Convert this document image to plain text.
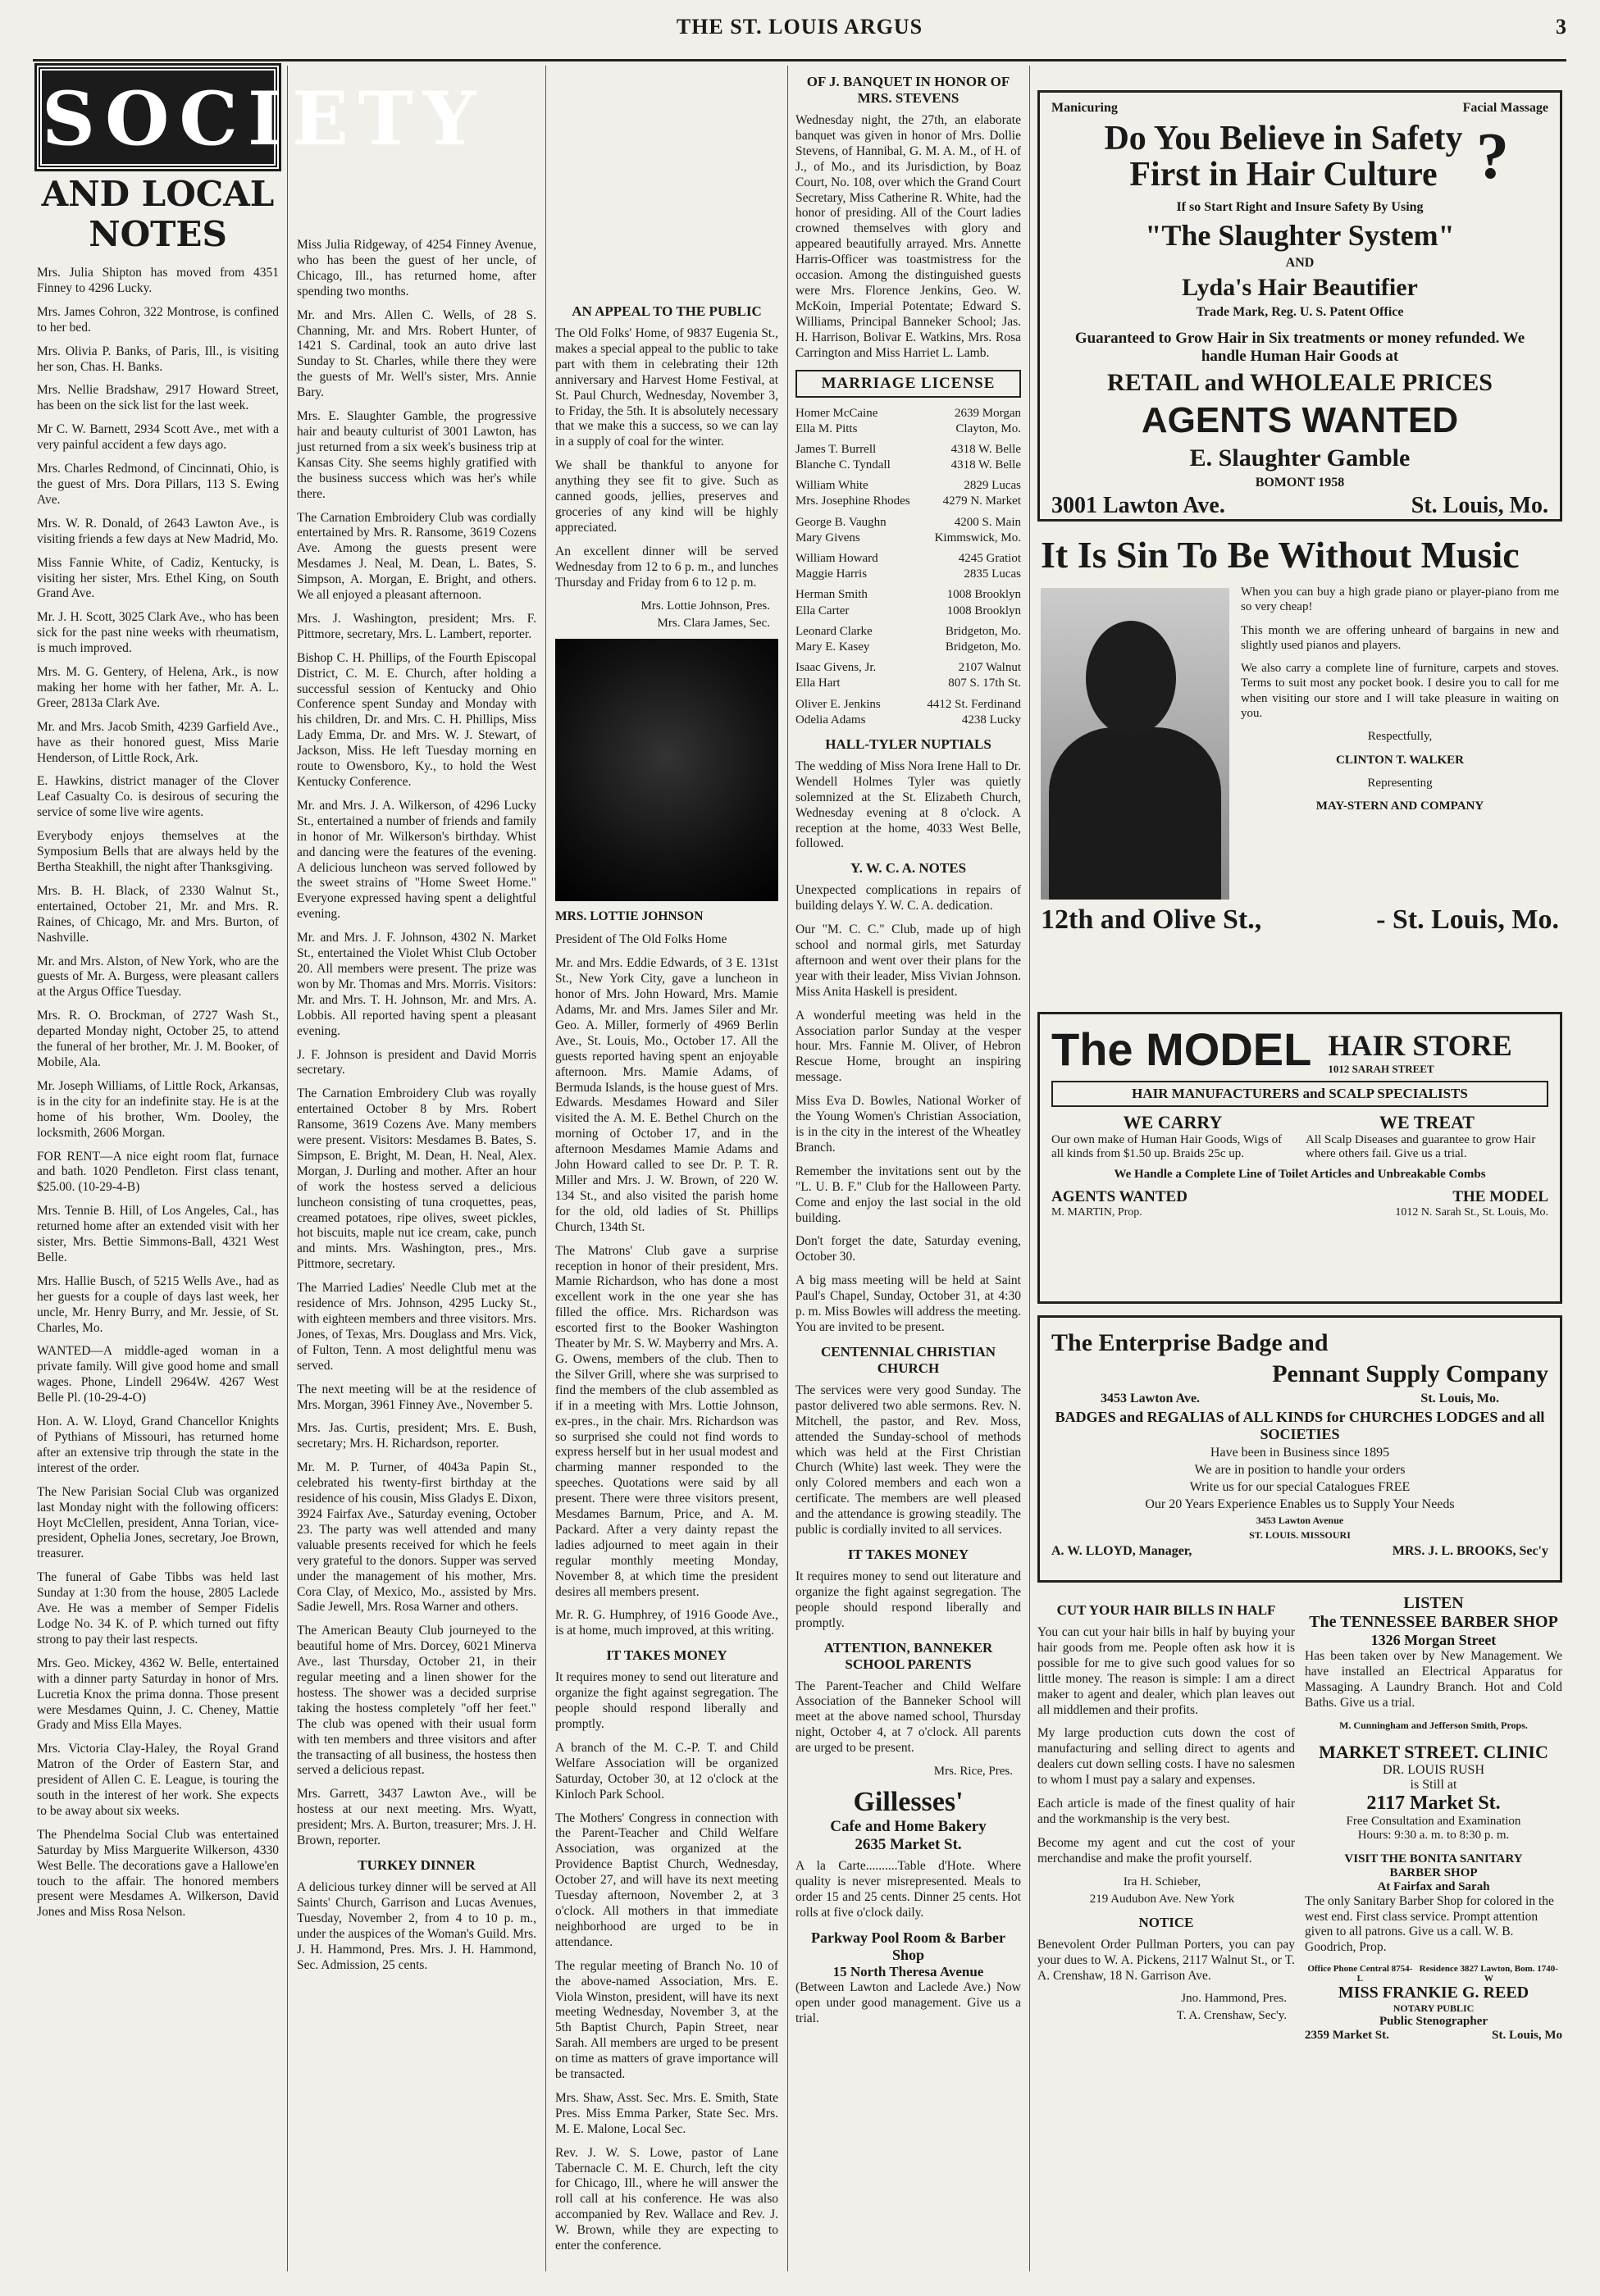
THE ST. LOUIS ARGUS	3
SOCIETY
AND LOCAL NOTES

Mrs. Julia Shipton has moved from 4351 Finney to 4296 Lucky.

Mrs. James Cohron, 322 Montrose, is confined to her bed.

Mrs. Olivia P. Banks, of Paris, Ill., is visiting her son, Chas. H. Banks.

Mrs. Nellie Bradshaw, 2917 Howard Street, has been on the sick list for the last week.

Mr C. W. Barnett, 2934 Scott Ave., met with a very painful accident a few days ago.

Mrs. Charles Redmond, of Cincinnati, Ohio, is the guest of Mrs. Dora Pillars, 113 S. Ewing Ave.

Mrs. W. R. Donald, of 2643 Lawton Ave., is visiting friends a few days at New Madrid, Mo.

Miss Fannie White, of Cadiz, Kentucky, is visiting her sister, Mrs. Ethel King, on South Grand Ave.

Mr. J. H. Scott, 3025 Clark Ave., who has been sick for the past nine weeks with rheumatism, is much improved.

Mrs. M. G. Gentery, of Helena, Ark., is now making her home with her father, Mr. A. L. Greer, 2813a Clark Ave.

Mr. and Mrs. Jacob Smith, 4239 Garfield Ave., have as their honored guest, Miss Marie Henderson, of Little Rock, Ark.

E. Hawkins, district manager of the Clover Leaf Casualty Co. is desirous of securing the service of some live wire agents.

Everybody enjoys themselves at the Symposium Bells that are always held by the Bertha Steakhill, the night after Thanksgiving.

Mrs. B. H. Black, of 2330 Walnut St., entertained, October 21, Mr. and Mrs. R. Raines, of Chicago, Mr. and Mrs. Burton, of Nashville.

Mr. and Mrs. Alston, of New York, who are the guests of Mr. A. Burgess, were pleasant callers at the Argus Office Tuesday.

Mrs. R. O. Brockman, of 2727 Wash St., departed Monday night, October 25, to attend the funeral of her brother, Mr. J. M. Booker, of Mobile, Ala.

Mr. Joseph Williams, of Little Rock, Arkansas, is in the city for an indefinite stay. He is at the home of his brother, Wm. Dooley, the locksmith, 2606 Morgan.

FOR RENT—A nice eight room flat, furnace and bath. 1020 Pendleton. First class tenant, $25.00. (10-29-4-B)

Mrs. Tennie B. Hill, of Los Angeles, Cal., has returned home after an extended visit with her sister, Mrs. Bettie Simmons-Ball, 4321 West Belle.

Mrs. Hallie Busch, of 5215 Wells Ave., had as her guests for a couple of days last week, her uncle, Mr. Henry Burry, and Mr. Jessie, of St. Charles, Mo.

WANTED—A middle-aged woman in a private family. Will give good home and small wages. Phone, Lindell 2964W. 4267 West Belle Pl. (10-29-4-O)

Hon. A. W. Lloyd, Grand Chancellor Knights of Pythians of Missouri, has returned home after an extensive trip through the state in the interest of the order.

The New Parisian Social Club was organized last Monday night with the following officers: Hoyt McClellen, president, Anna Torian, vice-president, Ophelia Jones, secretary, Joe Brown, treasurer.

The funeral of Gabe Tibbs was held last Sunday at 1:30 from the house, 2805 Laclede Ave. He was a member of Semper Fidelis Lodge No. 34 K. of P. which turned out fifty strong to pay their last respects.

Mrs. Geo. Mickey, 4362 W. Belle, entertained with a dinner party Saturday in honor of Mrs. Lucretia Knox the prima donna. Those present were Mesdames Quinn, J. C. Cheney, Mattie Grady and Miss Ella Mayes.

Mrs. Victoria Clay-Haley, the Royal Grand Matron of the Order of Eastern Star, and president of Allen C. E. League, is touring the south in the interest of her work. She expects to be away about six weeks.

The Phendelma Social Club was entertained Saturday by Miss Marguerite Wilkerson, 4330 West Belle. The decorations gave a Hallowe'en touch to the affair. The honored members present were Mesdames A. Wilkerson, David Jones and Miss Rosa Nelson.

Miss Julia Ridgeway, of 4254 Finney Avenue, who has been the guest of her uncle, of Chicago, Ill., has returned home, after spending two months.

Mr. and Mrs. Allen C. Wells, of 28 S. Channing, Mr. and Mrs. Robert Hunter, of 1421 S. Cardinal, took an auto drive last Sunday to St. Charles, while there they were the guests of Mr. Well's sister, Mrs. Annie Bary.

Mrs. E. Slaughter Gamble, the progressive hair and beauty culturist of 3001 Lawton, has just returned from a six week's business trip at Kansas City. She seems highly gratified with the business success which was her's while there.

The Carnation Embroidery Club was cordially entertained by Mrs. R. Ransome, 3619 Cozens Ave. Among the guests present were Mesdames J. Neal, M. Dean, L. Bates, S. Simpson, A. Morgan, E. Bright, and others. We all enjoyed a pleasant afternoon.

Mrs. J. Washington, president; Mrs. F. Pittmore, secretary, Mrs. L. Lambert, reporter.

Bishop C. H. Phillips, of the Fourth Episcopal District, C. M. E. Church, after holding a successful session of Kentucky and Ohio Conference spent Sunday and Monday with his children, Dr. and Mrs. C. H. Phillips, Miss Lady Emma, Dr. and Mrs. W. J. Stewart, of Jackson, Miss. He left Tuesday morning en route to Owensboro, Ky., to hold the West Kentucky Conference.

Mr. and Mrs. J. A. Wilkerson, of 4296 Lucky St., entertained a number of friends and family in honor of Mr. Wilkerson's birthday. Whist and dancing were the features of the evening. A delicious luncheon was served followed by the sweet strains of "Home Sweet Home." Everyone expressed having spent a delightful evening.

Mr. and Mrs. J. F. Johnson, 4302 N. Market St., entertained the Violet Whist Club October 20. All members were present. The prize was won by Mr. Thomas and Mrs. Morris. Visitors: Mr. and Mrs. T. H. Johnson, Mr. and Mrs. A. Lobbis. All reported having spent a pleasant evening.

J. F. Johnson is president and David Morris secretary.

The Carnation Embroidery Club was royally entertained October 8 by Mrs. Robert Ransome, 3619 Cozens Ave. Many members were present. Visitors: Mesdames B. Bates, S. Simpson, E. Bright, M. Dean, H. Neal, Alex. Morgan, J. Durling and mother. After an hour of work the hostess served a delicious luncheon consisting of tuna croquettes, peas, creamed potatoes, ripe olives, sweet pickles, hot biscuits, maple nut ice cream, cake, punch and mints. Mrs. Washington, pres., Mrs. Pittmore, secretary.

The Married Ladies' Needle Club met at the residence of Mrs. Johnson, 4295 Lucky St., with eighteen members and three visitors. Mrs. Jones, of Texas, Mrs. Douglass and Mrs. Vick, of Fulton, Tenn. A most delightful menu was served.

The next meeting will be at the residence of Mrs. Morgan, 3961 Finney Ave., November 5.

Mrs. Jas. Curtis, president; Mrs. E. Bush, secretary; Mrs. H. Richardson, reporter.

Mr. M. P. Turner, of 4043a Papin St., celebrated his twenty-first birthday at the residence of his cousin, Miss Gladys E. Dixon, 3924 Fairfax Ave., Saturday evening, October 23. The party was well attended and many valuable presents received for which he feels very grateful to the donors. Supper was served under the management of his mother, Mrs. Cora Clay, of Mexico, Mo., assisted by Mrs. Sadie Jewell, Mrs. Rosa Warner and others.

The American Beauty Club journeyed to the beautiful home of Mrs. Dorcey, 6021 Minerva Ave., last Thursday, October 21, in their regular meeting and a linen shower for the hostess. The shower was a decided surprise taking the hostess completely "off her feet." The club was opened with their usual form with ten members and three visitors and after the transacting of all business, the hostess then served a delicious repast.

Mrs. Garrett, 3437 Lawton Ave., will be hostess at our next meeting. Mrs. Wyatt, president; Mrs. A. Burton, treasurer; Mrs. J. H. Brown, reporter.

TURKEY DINNER

A delicious turkey dinner will be served at All Saints' Church, Garrison and Lucas Avenues, Tuesday, November 2, from 4 to 10 p. m., under the auspices of the Woman's Guild. Mrs. J. H. Hammond, Pres. Mrs. J. H. Hammond, Sec. Admission, 25 cents.

AN APPEAL TO THE PUBLIC

The Old Folks' Home, of 9837 Eugenia St., makes a special appeal to the public to take part with them in celebrating their 12th anniversary and Harvest Home Festival, at St. Paul Church, Wednesday, November 3, to Friday, the 5th. It is absolutely necessary that we make this a success, so we can lay in a supply of coal for the winter.

We shall be thankful to anyone for anything they see fit to give. Such as canned goods, jellies, preserves and groceries of any kind will be highly appreciated.

An excellent dinner will be served Wednesday from 12 to 6 p. m., and lunches Thursday and Friday from 6 to 12 p. m.

Mrs. Lottie Johnson, Pres.
Mrs. Clara James, Sec.

MRS. LOTTIE JOHNSON

President of The Old Folks Home

Mr. and Mrs. Eddie Edwards, of 3 E. 131st St., New York City, gave a luncheon in honor of Mrs. John Howard, Mrs. Mamie Adams, Mr. and Mrs. James Siler and Mr. Geo. A. Miller, formerly of 4969 Berlin Ave., St. Louis, Mo., October 17. All the guests reported having spent an enjoyable afternoon. Mrs. Mamie Adams, of Bermuda Islands, is the house guest of Mrs. Edwards. Mesdames Howard and Siler visited the A. M. E. Bethel Church on the morning of October 17, and in the afternoon Mesdames Mamie Adams and John Howard called to see Dr. P. T. R. Miller and Mrs. J. W. Brown, of 220 W. 134 St., and also visited the parish home for the old, old ladies of St. Phillips Church, 134th St.

The Matrons' Club gave a surprise reception in honor of their president, Mrs. Mamie Richardson, who has done a most excellent work in the one year she has filled the office. Mrs. Richardson was escorted first to the Booker Washington Theater by Mr. S. W. Mayberry and Mrs. A. G. Owens, members of the club. Then to the Silver Grill, where she was surprised to find the members of the club assembled as if in a meeting with Mrs. Lottie Johnson, ex-pres., in the chair. Mrs. Richardson was so surprised she could not find words to express herself but in her usual modest and charming manner responded to the speeches. Quotations were said by all present. There were three visitors present, Mesdames Barnum, Price, and A. M. Packard. After a very dainty repast the ladies adjourned to meet again in their regular monthly meeting Monday, November 8, at which time the president desires all members present.

Mr. R. G. Humphrey, of 1916 Goode Ave., is at home, much improved, at this writing.

IT TAKES MONEY

It requires money to send out literature and organize the fight against segregation. The people should respond liberally and promptly.

A branch of the M. C.-P. T. and Child Welfare Association will be organized Saturday, October 30, at 12 o'clock at the Kinloch Park School.

The Mothers' Congress in connection with the Parent-Teacher and Child Welfare Association, was organized at the Providence Baptist Church, Wednesday, October 27, and will have its next meeting Tuesday afternoon, November 2, at 3 o'clock. All mothers in that immediate neighborhood are urged to be in attendance.

The regular meeting of Branch No. 10 of the above-named Association, Mrs. E. Viola Winston, president, will have its next meeting Wednesday, November 3, at the 5th Baptist Church, Papin Street, near Sarah. All members are urged to be present on time as matters of grave importance will be transacted.

Mrs. Shaw, Asst. Sec. Mrs. E. Smith, State Pres. Miss Emma Parker, State Sec. Mrs. M. E. Malone, Local Sec.

Rev. J. W. S. Lowe, pastor of Lane Tabernacle C. M. E. Church, left the city for Chicago, Ill., where he will answer the roll call at his conference. He was also accompanied by Rev. Wallace and Rev. J. W. Brown, while they are expecting to enter the conference.

OF J. BANQUET IN HONOR OF MRS. STEVENS

Wednesday night, the 27th, an elaborate banquet was given in honor of Mrs. Dollie Stevens, of Hannibal, G. M. A. M., of H. of J., of Mo., and its Jurisdiction, by Boaz Court, No. 108, over which the Grand Court Secretary, Miss Catherine R. White, had the honor of presiding. All of the Court ladies crowned themselves with glory and appeared beautifully arrayed. Mrs. Annette Harris-Officer was toastmistress for the occasion. Among the distinguished guests were Mrs. Florence Jenkins, Geo. W. McKoin, Imperial Potentate; Edward S. Williams, Principal Banneker School; Jas. H. Harrison, Bolivar E. Watkins, Mrs. Rosa Carrington and Miss Harriet L. Lamb.

MARRIAGE LICENSE
Homer McCaine	2639 Morgan
Ella M. Pitts	Clayton, Mo.
James T. Burrell	4318 W. Belle
Blanche C. Tyndall	4318 W. Belle
William White	2829 Lucas
Mrs. Josephine Rhodes	4279 N. Market
George B. Vaughn	4200 S. Main
Mary Givens	Kimmswick, Mo.
William Howard	4245 Gratiot
Maggie Harris	2835 Lucas
Herman Smith	1008 Brooklyn
Ella Carter	1008 Brooklyn
Leonard Clarke	Bridgeton, Mo.
Mary E. Kasey	Bridgeton, Mo.
Isaac Givens, Jr.	2107 Walnut
Ella Hart	807 S. 17th St.
Oliver E. Jenkins	4412 St. Ferdinand
Odelia Adams	4238 Lucky
HALL-TYLER NUPTIALS

The wedding of Miss Nora Irene Hall to Dr. Wendell Holmes Tyler was quietly solemnized at the St. Elizabeth Church, Wednesday evening at 8 o'clock. A reception at the home, 4033 West Belle, followed.

Y. W. C. A. NOTES

Unexpected complications in repairs of building delays Y. W. C. A. dedication.

Our "M. C. C." Club, made up of high school and normal girls, met Saturday afternoon and went over their plans for the year with their leader, Miss Vivian Johnson. Miss Anita Haskell is president.

A wonderful meeting was held in the Association parlor Sunday at the vesper hour. Mrs. Fannie M. Oliver, of Hebron Rescue Home, brought an inspiring message.

Miss Eva D. Bowles, National Worker of the Young Women's Christian Association, is in the city in the interest of the Wheatley Branch.

Remember the invitations sent out by the "L. U. B. F." Club for the Halloween Party. Come and enjoy the last social in the old building.

Don't forget the date, Saturday evening, October 30.

A big mass meeting will be held at Saint Paul's Chapel, Sunday, October 31, at 4:30 p. m. Miss Bowles will address the meeting. You are invited to be present.

CENTENNIAL CHRISTIAN CHURCH

The services were very good Sunday. The pastor delivered two able sermons. Rev. N. Mitchell, the pastor, and Rev. Moss, attended the Sunday-school of methods which was held at the First Christian Church (White) last week. They were the only Colored members and each won a certificate. The members are well pleased and the attendance is growing steadily. The public is cordially invited to all services.

IT TAKES MONEY

It requires money to send out literature and organize the fight against segregation. The people should respond liberally and promptly.

ATTENTION, BANNEKER SCHOOL PARENTS

The Parent-Teacher and Child Welfare Association of the Banneker School will meet at the above named school, Thursday night, October 4, at 7 o'clock. All parents are urged to be present.

Mrs. Rice, Pres.
Gillesses'
Cafe and Home Bakery
2635 Market St.

A la Carte..........Table d'Hote. Where quality is never misrepresented. Meals to order 15 and 25 cents. Dinner 25 cents. Hot rolls at five o'clock daily.

Parkway Pool Room & Barber Shop
15 North Theresa Avenue

(Between Lawton and Laclede Ave.) Now open under good management. Give us a trial.

Manicuring	Facial Massage
Do You Believe in Safety First in Hair Culture ?
If so Start Right and Insure Safety By Using
"The Slaughter System"
AND
Lyda's Hair Beautifier
Trade Mark, Reg. U. S. Patent Office
Guaranteed to Grow Hair in Six treatments or money refunded. We handle Human Hair Goods at
RETAIL and WHOLEALE PRICES
AGENTS WANTED
E. Slaughter Gamble
BOMONT 1958
3001 Lawton Ave.	St. Louis, Mo.
It Is Sin To Be Without Music

When you can buy a high grade piano or player-piano from me so very cheap!

This month we are offering unheard of bargains in new and slightly used pianos and players.

We also carry a complete line of furniture, carpets and stoves. Terms to suit most any pocket book. I desire you to call for me when visiting our store and I will take pleasure in waiting on you.

Respectfully,

CLINTON T. WALKER

Representing

MAY-STERN AND COMPANY

12th and Olive St.,	- St. Louis, Mo.
The MODEL HAIR STORE
1012 SARAH STREET
HAIR MANUFACTURERS and SCALP SPECIALISTS
WE CARRY
Our own make of Human Hair Goods, Wigs of all kinds from $1.50 up. Braids 25c up.
WE TREAT
All Scalp Diseases and guarantee to grow Hair where others fail. Give us a trial.
We Handle a Complete Line of Toilet Articles and Unbreakable Combs
AGENTS WANTED
M. MARTIN, Prop.
THE MODEL
1012 N. Sarah St., St. Louis, Mo.
The Enterprise Badge and
Pennant Supply Company
3453 Lawton Ave.	St. Louis, Mo.
BADGES and REGALIAS of ALL KINDS for CHURCHES LODGES and all SOCIETIES
Have been in Business since 1895
We are in position to handle your orders
Write us for our special Catalogues FREE
Our 20 Years Experience Enables us to Supply Your Needs
3453 Lawton Avenue
ST. LOUIS. MISSOURI
A. W. LLOYD, Manager,	MRS. J. L. BROOKS, Sec'y
CUT YOUR HAIR BILLS IN HALF

You can cut your hair bills in half by buying your hair goods from me. People often ask how it is possible for me to give such good values for so little money. The reason is simple: I am a direct maker to agent and dealer, which plan leaves out all middlemen and their profits.

My large production cuts down the cost of manufacturing and selling direct to agents and dealers cut down selling costs. I have no salesmen to whom I must pay a salary and expenses.

Each article is made of the finest quality of hair and the workmanship is the very best.

Become my agent and cut the cost of your merchandise and make the profit yourself.

Ira H. Schieber,
219 Audubon Ave. New York
NOTICE

Benevolent Order Pullman Porters, you can pay your dues to W. A. Pickens, 2117 Walnut St., or T. A. Crenshaw, 18 N. Garrison Ave.

Jno. Hammond, Pres.
T. A. Crenshaw, Sec'y.
LISTEN
The TENNESSEE BARBER SHOP
1326 Morgan Street

Has been taken over by New Management. We have installed an Electrical Apparatus for Massaging. A Laundry Branch. Hot and Cold Baths. Give us a trial.

M. Cunningham and Jefferson Smith, Props.
MARKET STREET. CLINIC
DR. LOUIS RUSH
is Still at
2117 Market St.
Free Consultation and Examination
Hours: 9:30 a. m. to 8:30 p. m.
VISIT THE BONITA SANITARY
BARBER SHOP
At Fairfax and Sarah

The only Sanitary Barber Shop for colored in the west end. First class service. Prompt attention given to all patrons. Give us a call. W. B. Goodrich, Prop.

Office Phone Central 8754-L
Residence 3827 Lawton, Bom. 1740-W
MISS FRANKIE G. REED
NOTARY PUBLIC
Public Stenographer
2359 Market St.	St. Louis, Mo
